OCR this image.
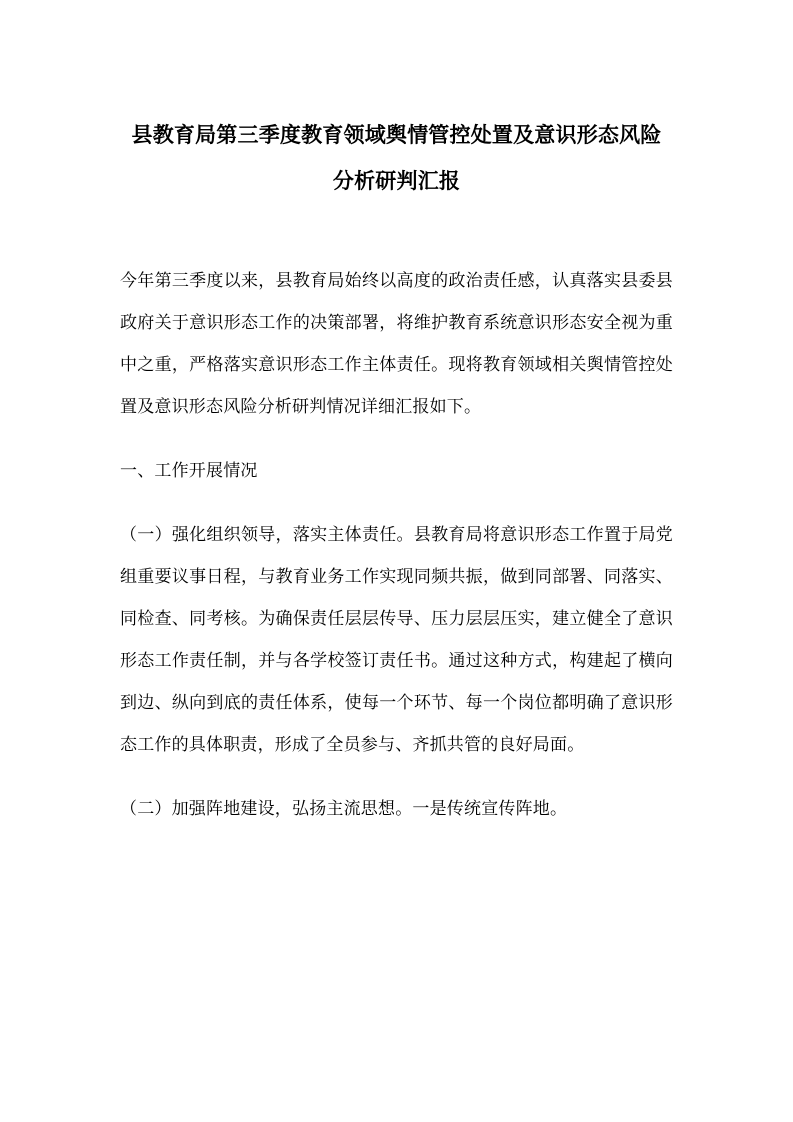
县教育局第三季度教育领域舆情管控处置及意识形态风险分析研判汇报

今年第三季度以来，县教育局始终以高度的政治责任感，认真落实县委县政府关于意识形态工作的决策部署，将维护教育系统意识形态安全视为重中之重，严格落实意识形态工作主体责任。现将教育领域相关舆情管控处置及意识形态风险分析研判情况详细汇报如下。

一、工作开展情况

（一）强化组织领导，落实主体责任。县教育局将意识形态工作置于局党组重要议事日程，与教育业务工作实现同频共振，做到同部署、同落实、同检查、同考核。为确保责任层层传导、压力层层压实，建立健全了意识形态工作责任制，并与各学校签订责任书。通过这种方式，构建起了横向到边、纵向到底的责任体系，使每一个环节、每一个岗位都明确了意识形态工作的具体职责，形成了全员参与、齐抓共管的良好局面。

（二）加强阵地建设，弘扬主流思想。一是传统宣传阵地。
